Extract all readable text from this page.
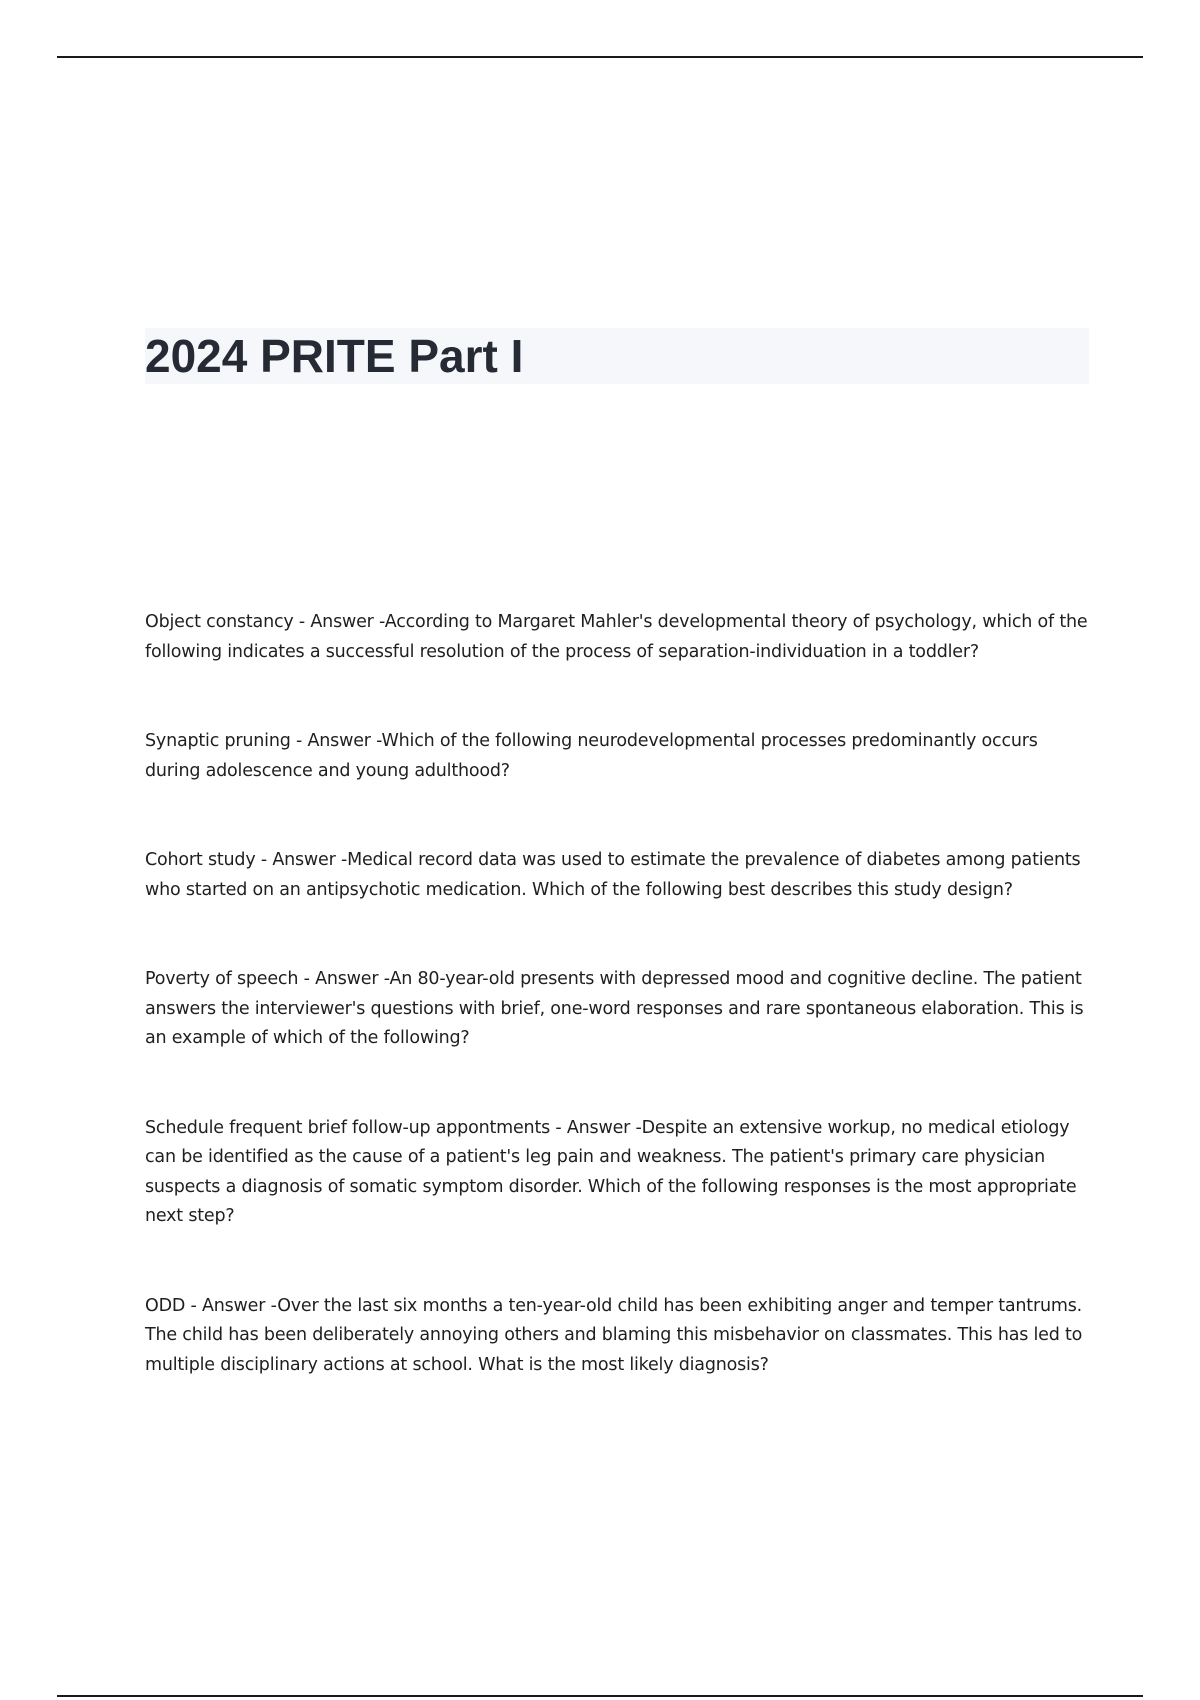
2024 PRITE Part I
Object constancy - Answer -According to Margaret Mahler's developmental theory of psychology, which of the following indicates a successful resolution of the process of separation-individuation in a toddler?
Synaptic pruning - Answer -Which of the following neurodevelopmental processes predominantly occurs during adolescence and young adulthood?
Cohort study - Answer -Medical record data was used to estimate the prevalence of diabetes among patients who started on an antipsychotic medication. Which of the following best describes this study design?
Poverty of speech - Answer -An 80-year-old presents with depressed mood and cognitive decline. The patient answers the interviewer's questions with brief, one-word responses and rare spontaneous elaboration. This is an example of which of the following?
Schedule frequent brief follow-up appontments - Answer -Despite an extensive workup, no medical etiology can be identified as the cause of a patient's leg pain and weakness. The patient's primary care physician suspects a diagnosis of somatic symptom disorder. Which of the following responses is the most appropriate next step?
ODD - Answer -Over the last six months a ten-year-old child has been exhibiting anger and temper tantrums. The child has been deliberately annoying others and blaming this misbehavior on classmates. This has led to multiple disciplinary actions at school. What is the most likely diagnosis?
